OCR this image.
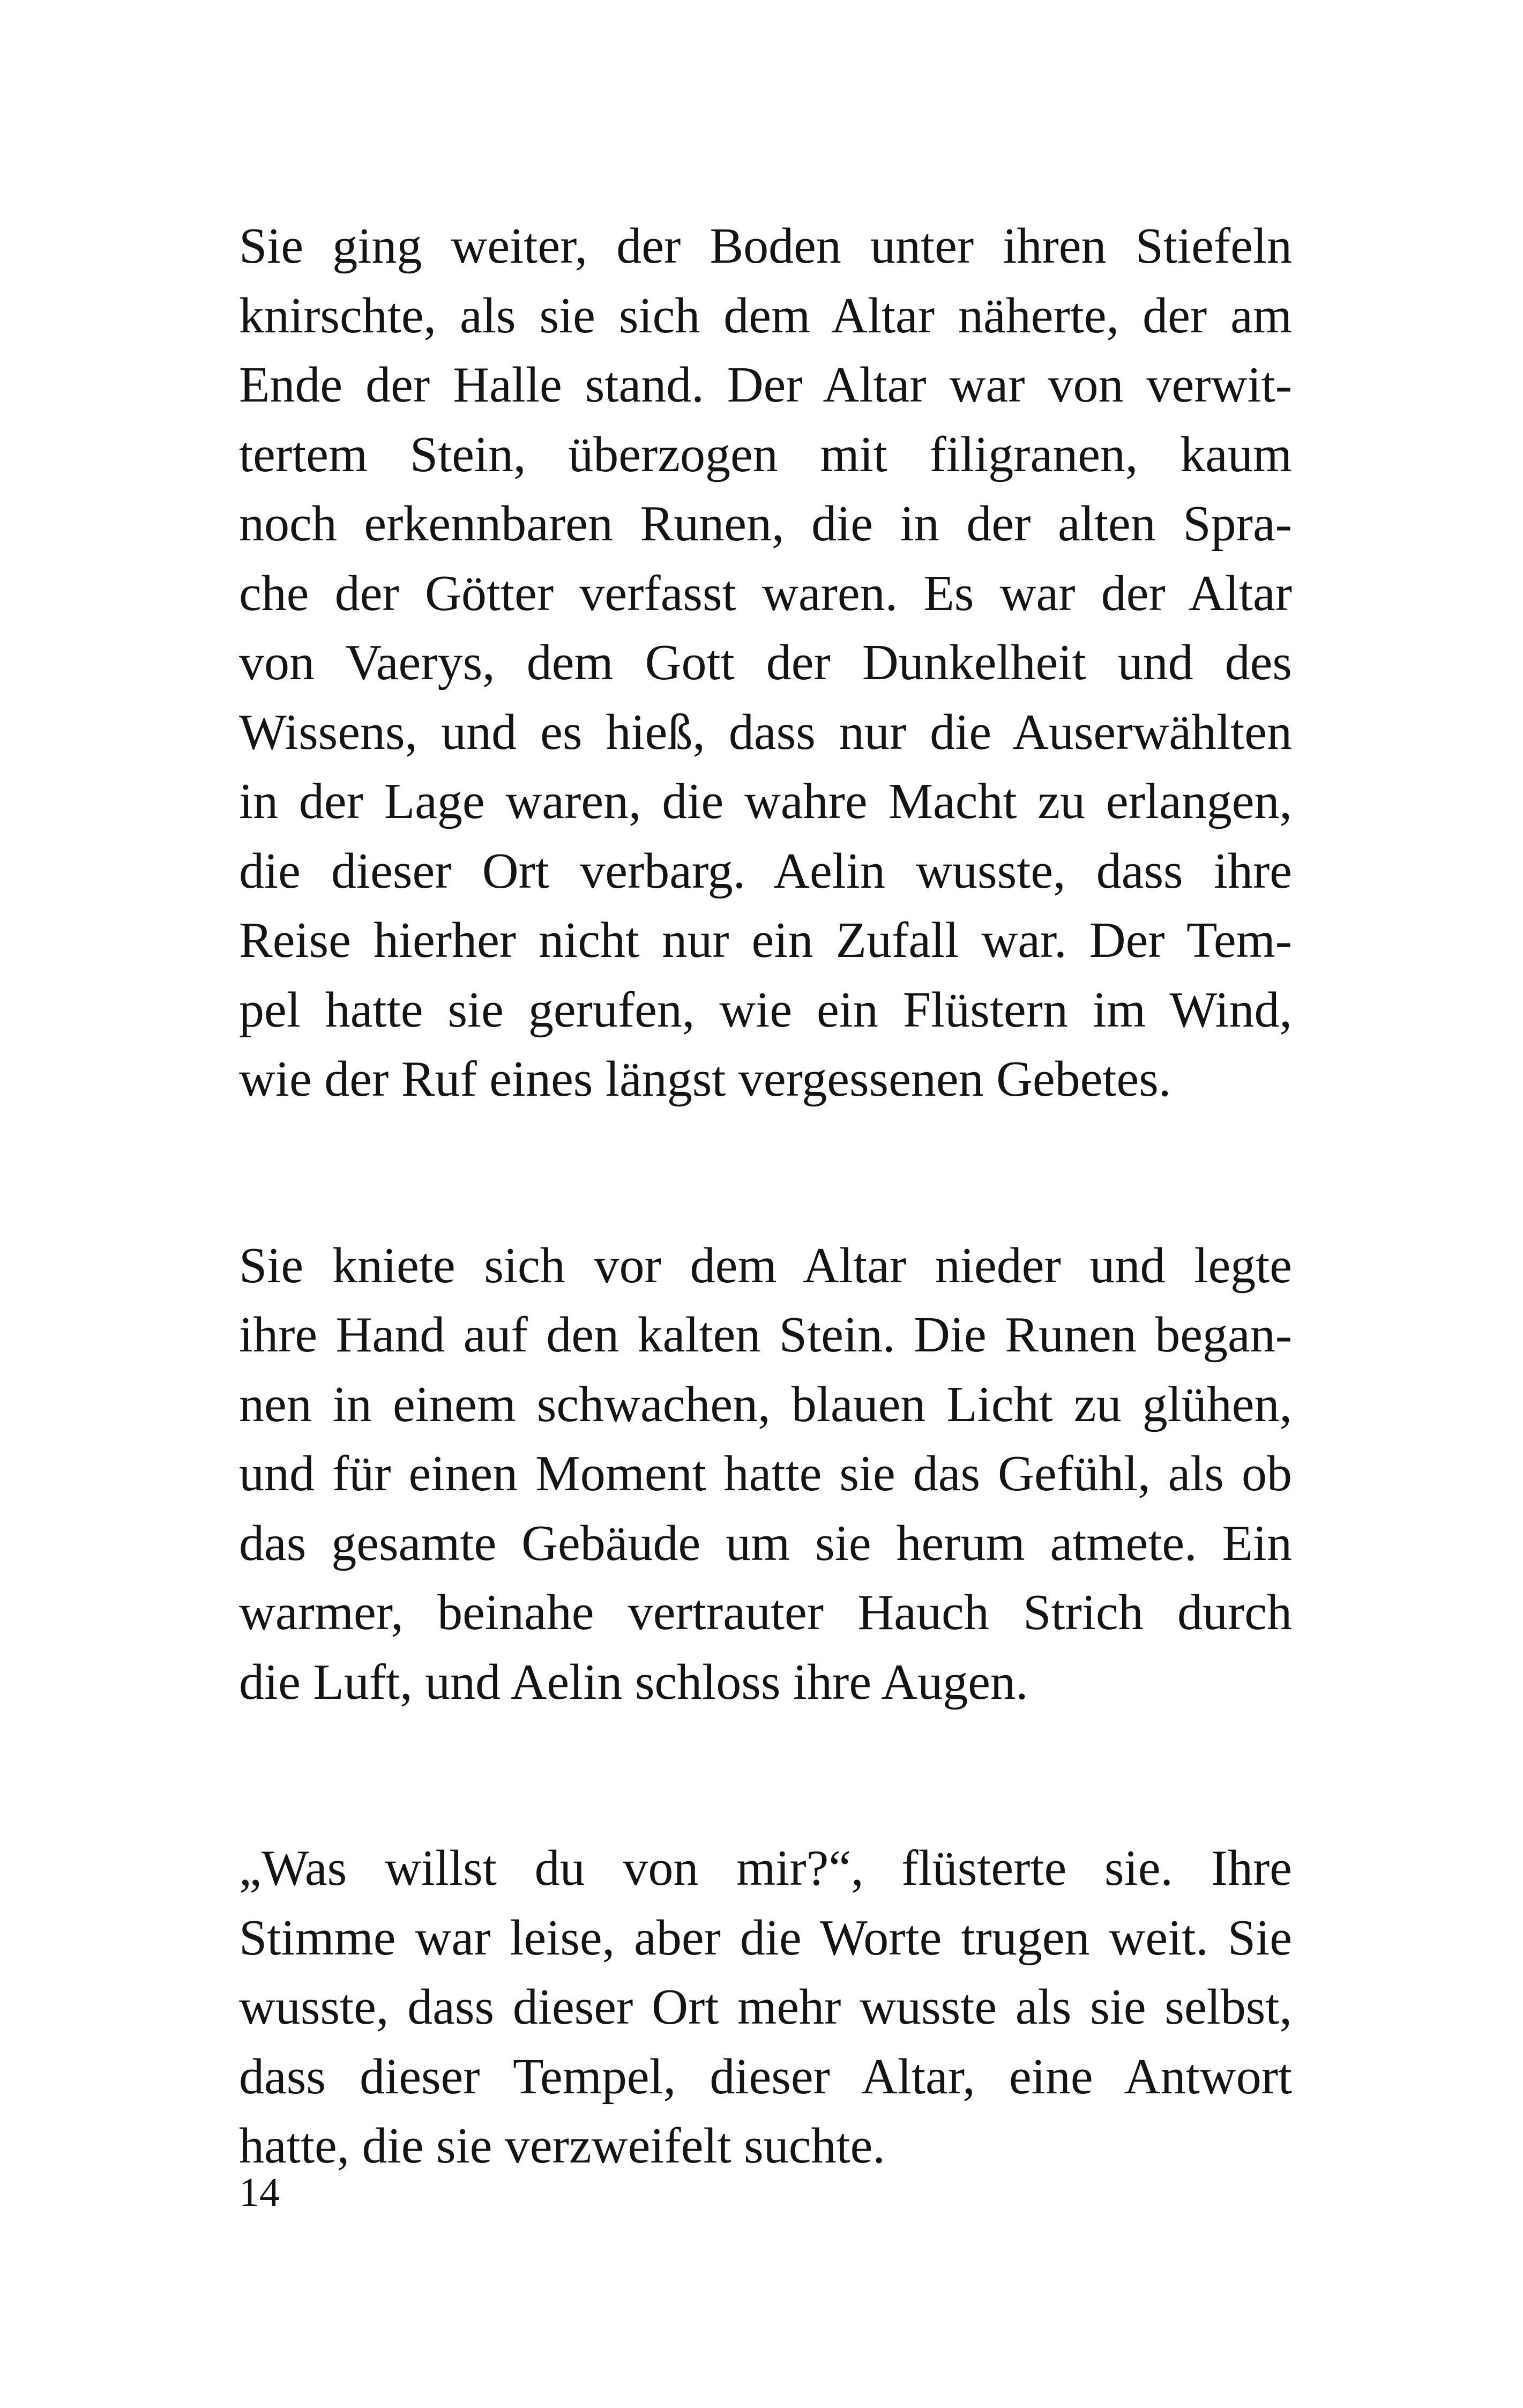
Sie ging weiter, der Boden unter ihren Stiefeln
knirschte, als sie sich dem Altar näherte, der am
Ende der Halle stand. Der Altar war von verwit-
tertem Stein, überzogen mit filigranen, kaum
noch erkennbaren Runen, die in der alten Spra-
che der Götter verfasst waren. Es war der Altar
von Vaerys, dem Gott der Dunkelheit und des
Wissens, und es hieß, dass nur die Auserwählten
in der Lage waren, die wahre Macht zu erlangen,
die dieser Ort verbarg. Aelin wusste, dass ihre
Reise hierher nicht nur ein Zufall war. Der Tem-
pel hatte sie gerufen, wie ein Flüstern im Wind,
wie der Ruf eines längst vergessenen Gebetes.
Sie kniete sich vor dem Altar nieder und legte
ihre Hand auf den kalten Stein. Die Runen began-
nen in einem schwachen, blauen Licht zu glühen,
und für einen Moment hatte sie das Gefühl, als ob
das gesamte Gebäude um sie herum atmete. Ein
warmer, beinahe vertrauter Hauch Strich durch
die Luft, und Aelin schloss ihre Augen.
„Was willst du von mir?“, flüsterte sie. Ihre
Stimme war leise, aber die Worte trugen weit. Sie
wusste, dass dieser Ort mehr wusste als sie selbst,
dass dieser Tempel, dieser Altar, eine Antwort
hatte, die sie verzweifelt suchte.
14
